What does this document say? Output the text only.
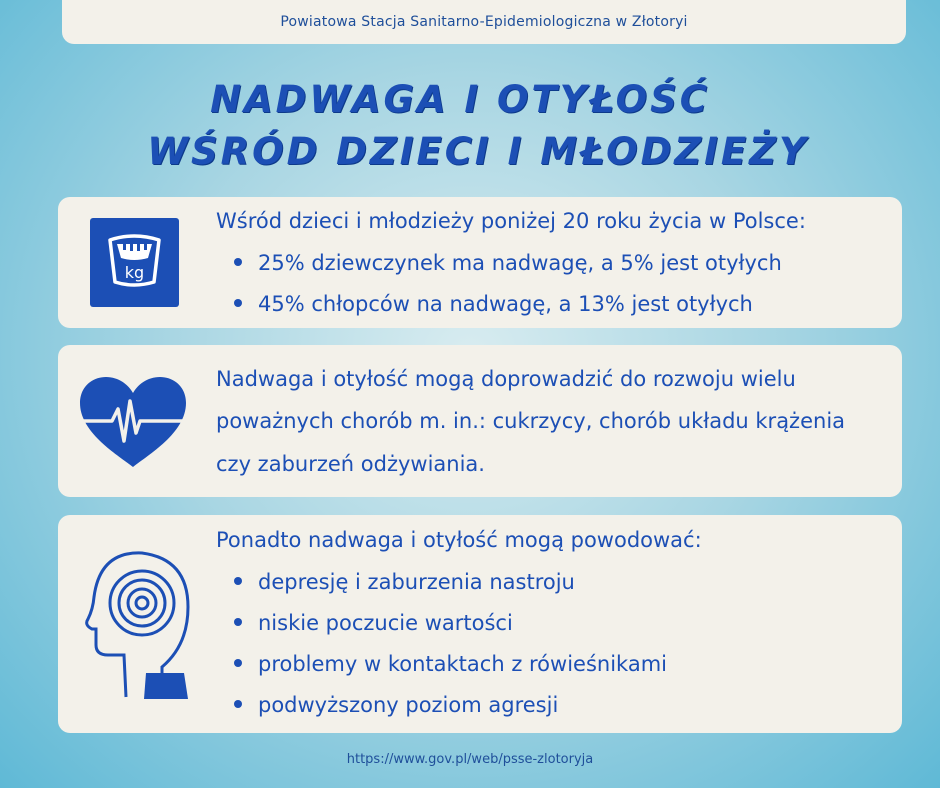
Powiatowa Stacja Sanitarno-Epidemiologiczna w Złotoryi
NADWAGA I OTYŁOŚĆ
WŚRÓD DZIECI I MŁODZIEŻY
kg
Wśród dzieci i młodzieży poniżej 20 roku życia w Polsce:
25% dziewczynek ma nadwagę, a 5% jest otyłych
45% chłopców na nadwagę, a 13% jest otyłych
Nadwaga i otyłość mogą doprowadzić do rozwoju wielu
poważnych chorób m. in.: cukrzycy, chorób układu krążenia
czy zaburzeń odżywiania.
Ponadto nadwaga i otyłość mogą powodować:
depresję i zaburzenia nastroju
niskie poczucie wartości
problemy w kontaktach z rówieśnikami
podwyższony poziom agresji
https://www.gov.pl/web/psse-zlotoryja
